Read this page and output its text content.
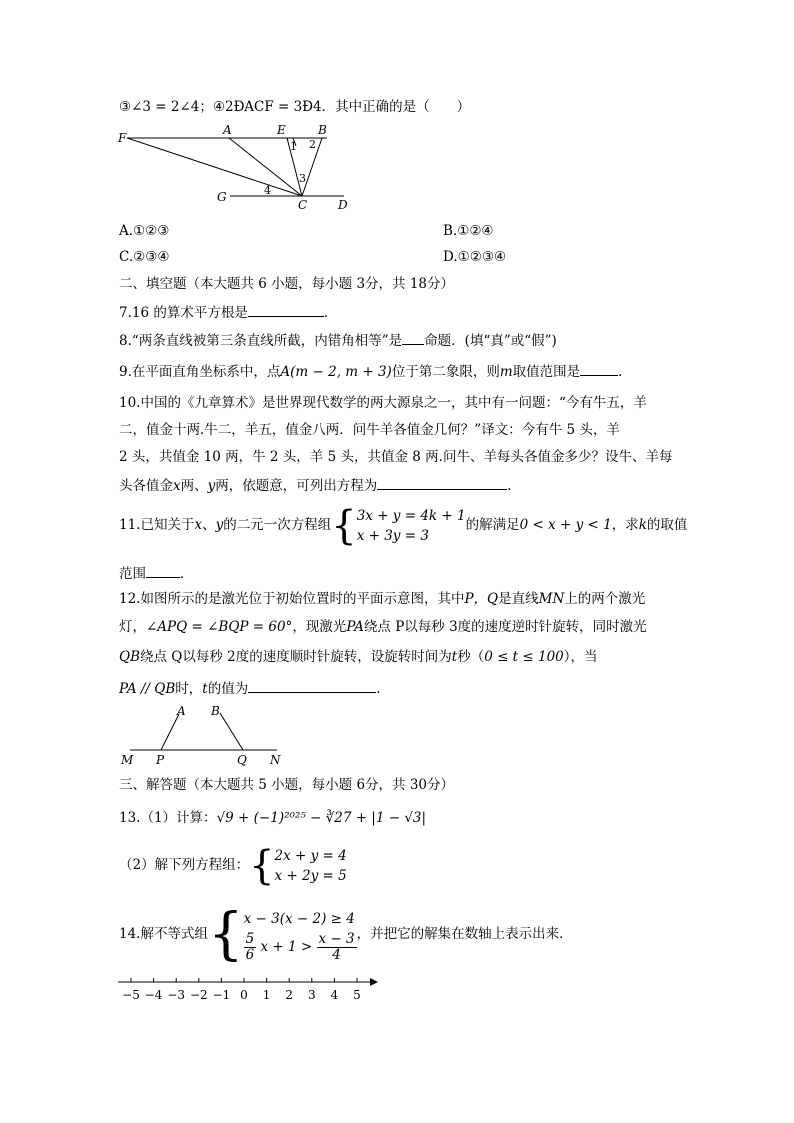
③∠3 = 2∠4；④2ÐACF = 3Ð4．其中正确的是（　　）
F
A	E	B
1 2
3
4
G
C	D
A.①②③	B.①②④
C.②③④	D.①②③④
二、填空题（本大题共 6 小题，每小题 3分，共 18分）
7.16 的算术平方根是	．
8.“两条直线被第三条直线所截，内错角相等”是 命题．(填“真”或“假”)
9.在平面直角坐标系中，点A(m − 2, m + 3)位于第二象限，则m取值范围是	．
10.中国的《九章算术》是世界现代数学的两大源泉之一，其中有一问题：“今有牛五，羊
二，值金十两.牛二，羊五，值金八两．问牛羊各值金几何？”译文：今有牛 5 头，羊
2 头，共值金 10 两，牛 2 头，羊 5 头，共值金 8 两.问牛、羊每头各值金多少？设牛、羊每
头各值金x两、y两，依题意，可列出方程为	.
11.已知关于x、y的二元一次方程组{3x + y = 4k + 1
x + 3y = 3的解满足0 < x + y < 1，求k的取值
范围	．
12.如图所示的是激光位于初始位置时的平面示意图，其中P，Q是直线MN上的两个激光
灯，∠APQ = ∠BQP = 60°，现激光PA绕点 P以每秒 3度的速度逆时针旋转，同时激光
QB绕点 Q以每秒 2度的速度顺时针旋转，设旋转时间为t秒（0 ≤ t ≤ 100），当
PA // QB时，t的值为	．
A B
M P	Q N
三、解答题（本大题共 5 小题，每小题 6分，共 30分）
13.（1）计算：√9 + (−1)²⁰²⁵ − ∛27 + |1 − √3|
（2）解下列方程组：{2x + y = 4
x + 2y = 5
14.解不等式组{x − 3(x − 2) ≥ 4

$\frac{5}{6}$ $x + 1 > \frac{x - 3}{4}$，并把它的解集在数轴上表示出来．
−5 −4 −3 −2 −1 0 1 2 3 4 5
